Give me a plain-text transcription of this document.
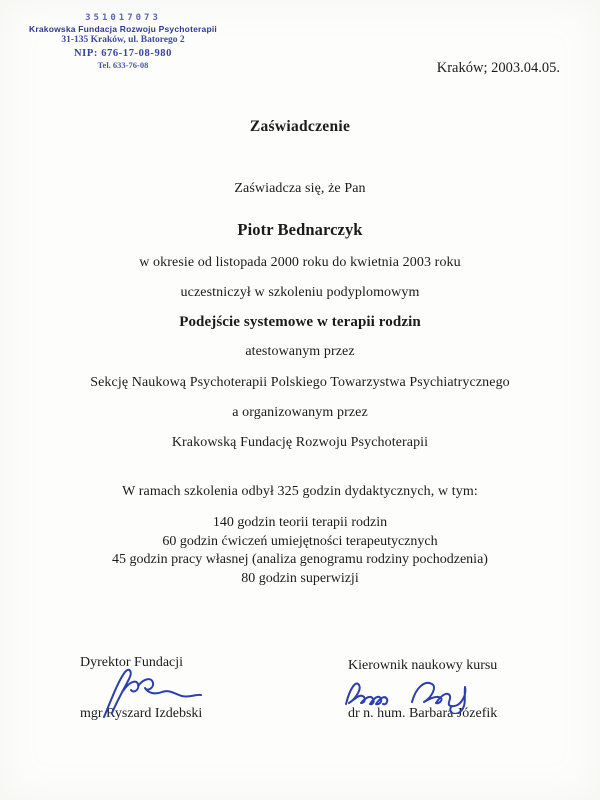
351017073
Krakowska Fundacja Rozwoju Psychoterapii
31-135 Kraków, ul. Batorego 2
NIP: 676-17-08-980
Tel. 633-76-08	Kraków; 2003.04.05.
Zaświadczenie
Zaświadcza się, że Pan
Piotr Bednarczyk
w okresie od listopada 2000 roku do kwietnia 2003 roku
uczestniczył w szkoleniu podyplomowym
Podejście systemowe w terapii rodzin
atestowanym przez
Sekcję Naukową Psychoterapii Polskiego Towarzystwa Psychiatrycznego
a organizowanym przez
Krakowską Fundację Rozwoju Psychoterapii
W ramach szkolenia odbył 325 godzin dydaktycznych, w tym:
140 godzin teorii terapii rodzin
60 godzin ćwiczeń umiejętności terapeutycznych
45 godzin pracy własnej (analiza genogramu rodziny pochodzenia)
80 godzin superwizji
Dyrektor Fundacji
mgr Ryszard Izdebski
Kierownik naukowy kursu
dr n. hum. Barbara Józefik
